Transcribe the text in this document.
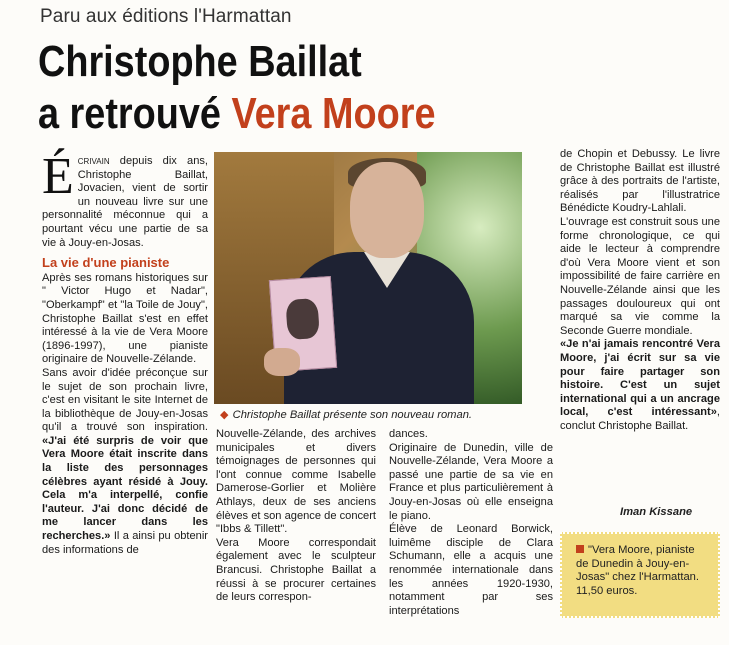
Paru aux éditions l'Harmattan
Christophe Baillat
a retrouvé Vera Moore

Écrivain depuis dix ans, Christophe Baillat, Jovacien, vient de sortir un nouveau livre sur une personnalité méconnue qui a pourtant vécu une partie de sa vie à Jouy-en-Josas.

La vie d'une pianiste

Après ses romans historiques sur " Victor Hugo et Nadar", "Oberkampf" et "la Toile de Jouy", Christophe Baillat s'est en effet intéressé à la vie de Vera Moore (1896-1997), une pianiste originaire de Nouvelle-Zélande.

Sans avoir d'idée préconçue sur le sujet de son prochain livre, c'est en visitant le site Internet de la bibliothèque de Jouy-en-Josas qu'il a trouvé son inspiration. «J'ai été surpris de voir que Vera Moore était inscrite dans la liste des personnages célèbres ayant résidé à Jouy. Cela m'a interpellé, confie l'auteur. J'ai donc décidé de me lancer dans les recherches.» Il a ainsi pu obtenir des informations de

◆ Christophe Baillat présente son nouveau roman.

Nouvelle-Zélande, des archives municipales et divers témoignages de personnes qui l'ont connue comme Isabelle Damerose-Gorlier et Molière Athlays, deux de ses anciens élèves et son agence de concert "Ibbs & Tillett".

Vera Moore correspondait également avec le sculpteur Brancusi. Christophe Baillat a réussi à se procurer certaines de leurs correspon-

dances.

Originaire de Dunedin, ville de Nouvelle-Zélande, Vera Moore a passé une partie de sa vie en France et plus particulièrement à Jouy-en-Josas où elle enseigna le piano.

Élève de Leonard Borwick, luimême disciple de Clara Schumann, elle a acquis une renommée internationale dans les années 1920-1930, notamment par ses interprétations

de Chopin et Debussy. Le livre de Christophe Baillat est illustré grâce à des portraits de l'artiste, réalisés par l'illustratrice Bénédicte Koudry-Lahlali.

L'ouvrage est construit sous une forme chronologique, ce qui aide le lecteur à comprendre d'où Vera Moore vient et son impossibilité de faire carrière en Nouvelle-Zélande ainsi que les passages douloureux qui ont marqué sa vie comme la Seconde Guerre mondiale.

«Je n'ai jamais rencontré Vera Moore, j'ai écrit sur sa vie pour faire partager son histoire. C'est un sujet international qui a un ancrage local, c'est intéressant», conclut Christophe Baillat.

Iman Kissane
"Vera Moore, pianiste de Dunedin à Jouy-en-Josas" chez l'Harmattan. 11,50 euros.
